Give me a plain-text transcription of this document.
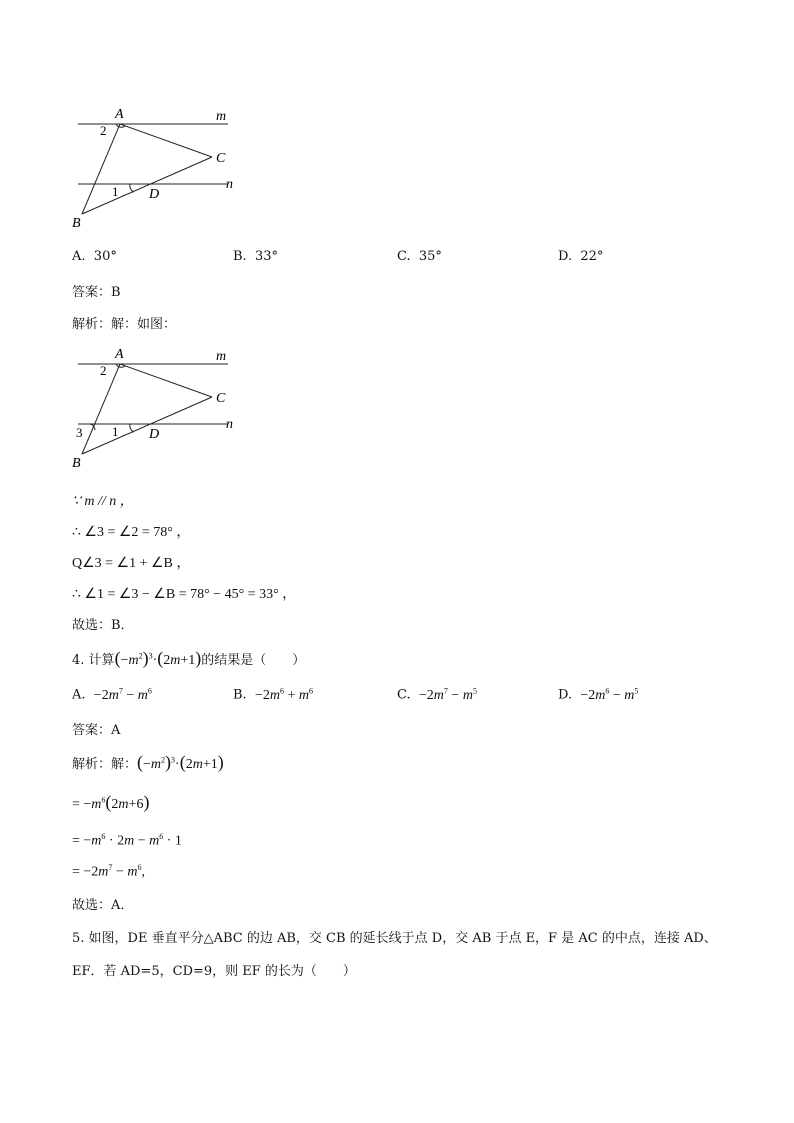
A	m
C
n
D
B
2
1
A. 30°	B. 33°	C. 35°	D. 22°
答案：B
解析：解：如图：
A	m
C
n
D
B
2
1
3
∵ m // n ，
∴ ∠3 = ∠2 = 78° ，
Q∠3 = ∠1 + ∠B ，
∴ ∠1 = ∠3 − ∠B = 78° − 45° = 33° ，
故选：B．
4. 计算$(-m^2)^3\cdot(2m+1)$的结果是（　　）
A.  $-2m^7 - m^6$	B.  $-2m^6 + m^6$	C.  $-2m^7 - m^5$	D.  $-2m^6 - m^5$
答案：A
解析：解：$(-m^2)^3\cdot(2m+1)$
= $-m^6(2m+6)$
= $-m^6 \cdot 2m - m^6 \cdot 1$
= $-2m^7 - m^6$,
故选：A．
5. 如图，DE 垂直平分△ABC 的边 AB，交 CB 的延长线于点 D，交 AB 于点 E，F 是 AC 的中点，连接 AD、
EF．若 AD=5，CD=9，则 EF 的长为（　　）
